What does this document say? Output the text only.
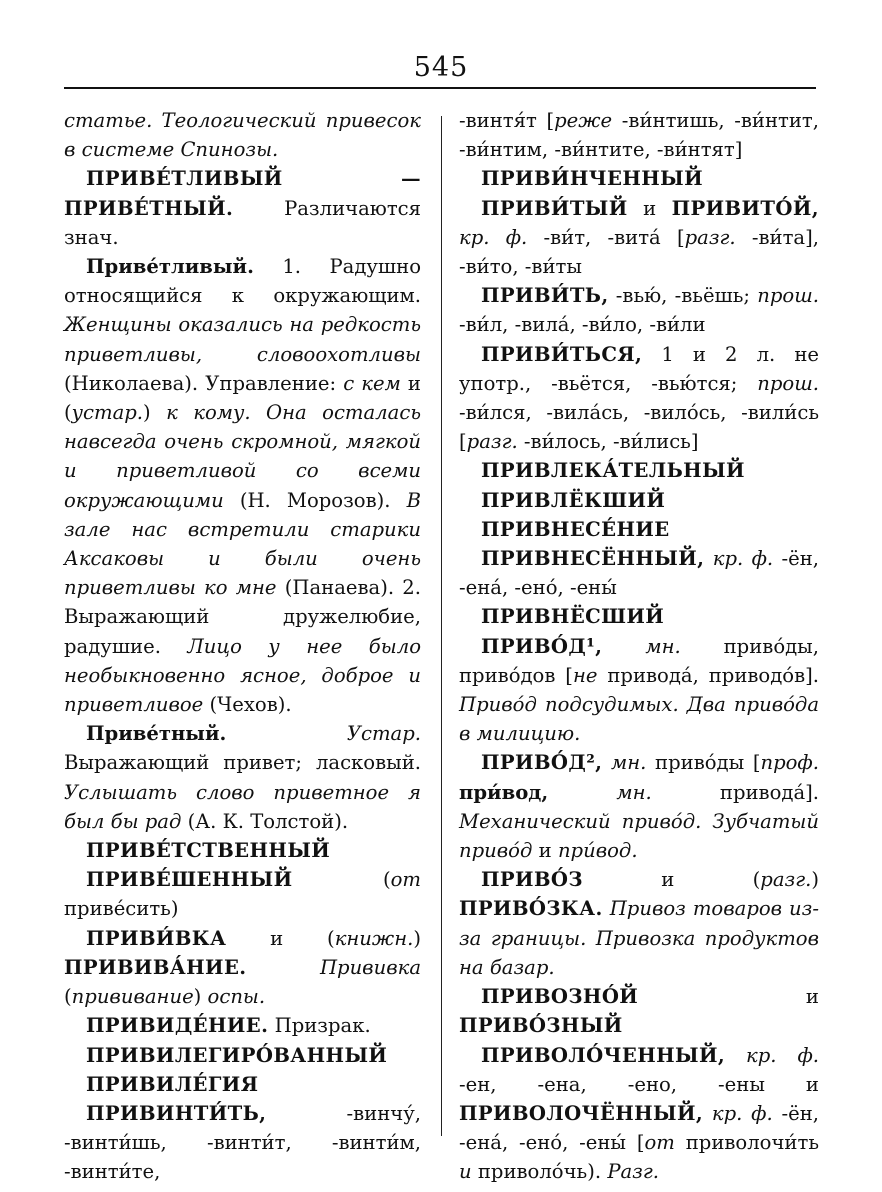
545

статье. Теологический привесок в системе Спинозы.

ПРИВЕ́ТЛИВЫЙ — ПРИВЕ́ТНЫЙ. Различаются знач.

Приве́тливый. 1. Радушно относящийся к окружающим. Женщины оказались на редкость приветливы, словоохотливы (Николаева). Управление: с кем и (устар.) к кому. Она осталась навсегда очень скромной, мягкой и приветливой со всеми окружающими (Н. Морозов). В зале нас встретили старики Аксаковы и были очень приветливы ко мне (Панаева). 2. Выражающий дружелюбие, радушие. Лицо у нее было необыкновенно ясное, доброе и приветливое (Чехов).

Приве́тный.	Устар. Выражающий привет; ласковый. Услышать слово приветное я был бы рад (А. К. Толстой).

ПРИВЕ́ТСТВЕННЫЙ

ПРИВЕ́ШЕННЫЙ (от приве́сить)

ПРИВИ́ВКА и (книжн.) ПРИВИВА́НИЕ.	Прививка (прививание) оспы.

ПРИВИДЕ́НИЕ. Призрак.

ПРИВИЛЕГИРО́ВАННЫЙ

ПРИВИЛЕ́ГИЯ

ПРИВИНТИ́ТЬ, -винчу́, -винти́шь, -винти́т, -винти́м, -винти́те,

-винтя́т [реже -ви́нтишь, -ви́нтит, -ви́нтим, -ви́нтите, -ви́нтят]

ПРИВИ́НЧЕННЫЙ

ПРИВИ́ТЫЙ и ПРИВИТО́Й, кр. ф. -ви́т, -вита́ [разг. -ви́та], -ви́то, -ви́ты

ПРИВИ́ТЬ, -вью́, -вьёшь; прош. -ви́л, -вила́, -ви́ло, -ви́ли

ПРИВИ́ТЬСЯ, 1 и 2 л. не употр., -вьётся, -вью́тся; прош. -ви́лся, -вила́сь, -вило́сь, -вили́сь [разг. -ви́лось, -ви́лись]

ПРИВЛЕКА́ТЕЛЬНЫЙ

ПРИВЛЁКШИЙ

ПРИВНЕСЕ́НИЕ

ПРИВНЕСЁННЫЙ, кр. ф. -ён, -ена́, -ено́, -ены́

ПРИВНЁСШИЙ

ПРИВО́Д¹, мн. приво́ды, приво́дов [не привода́, приводо́в]. Приво́д подсудимых. Два приво́да в милицию.

ПРИВО́Д², мн. приво́ды [проф. при́вод,	мн. привода́]. Механический приво́д. Зубчатый приво́д и при́вод.

ПРИВО́З и (разг.) ПРИВО́ЗКА. Привоз товаров из-за границы. Привозка продуктов на базар.

ПРИВОЗНО́Й и ПРИВО́ЗНЫЙ

ПРИВОЛО́ЧЕННЫЙ, кр. ф. -ен, -ена, -ено, -ены и ПРИВОЛОЧЁННЫЙ, кр. ф. -ён, -ена́, -ено́, -ены́ [от приволочи́ть и приволо́чь). Разг.
